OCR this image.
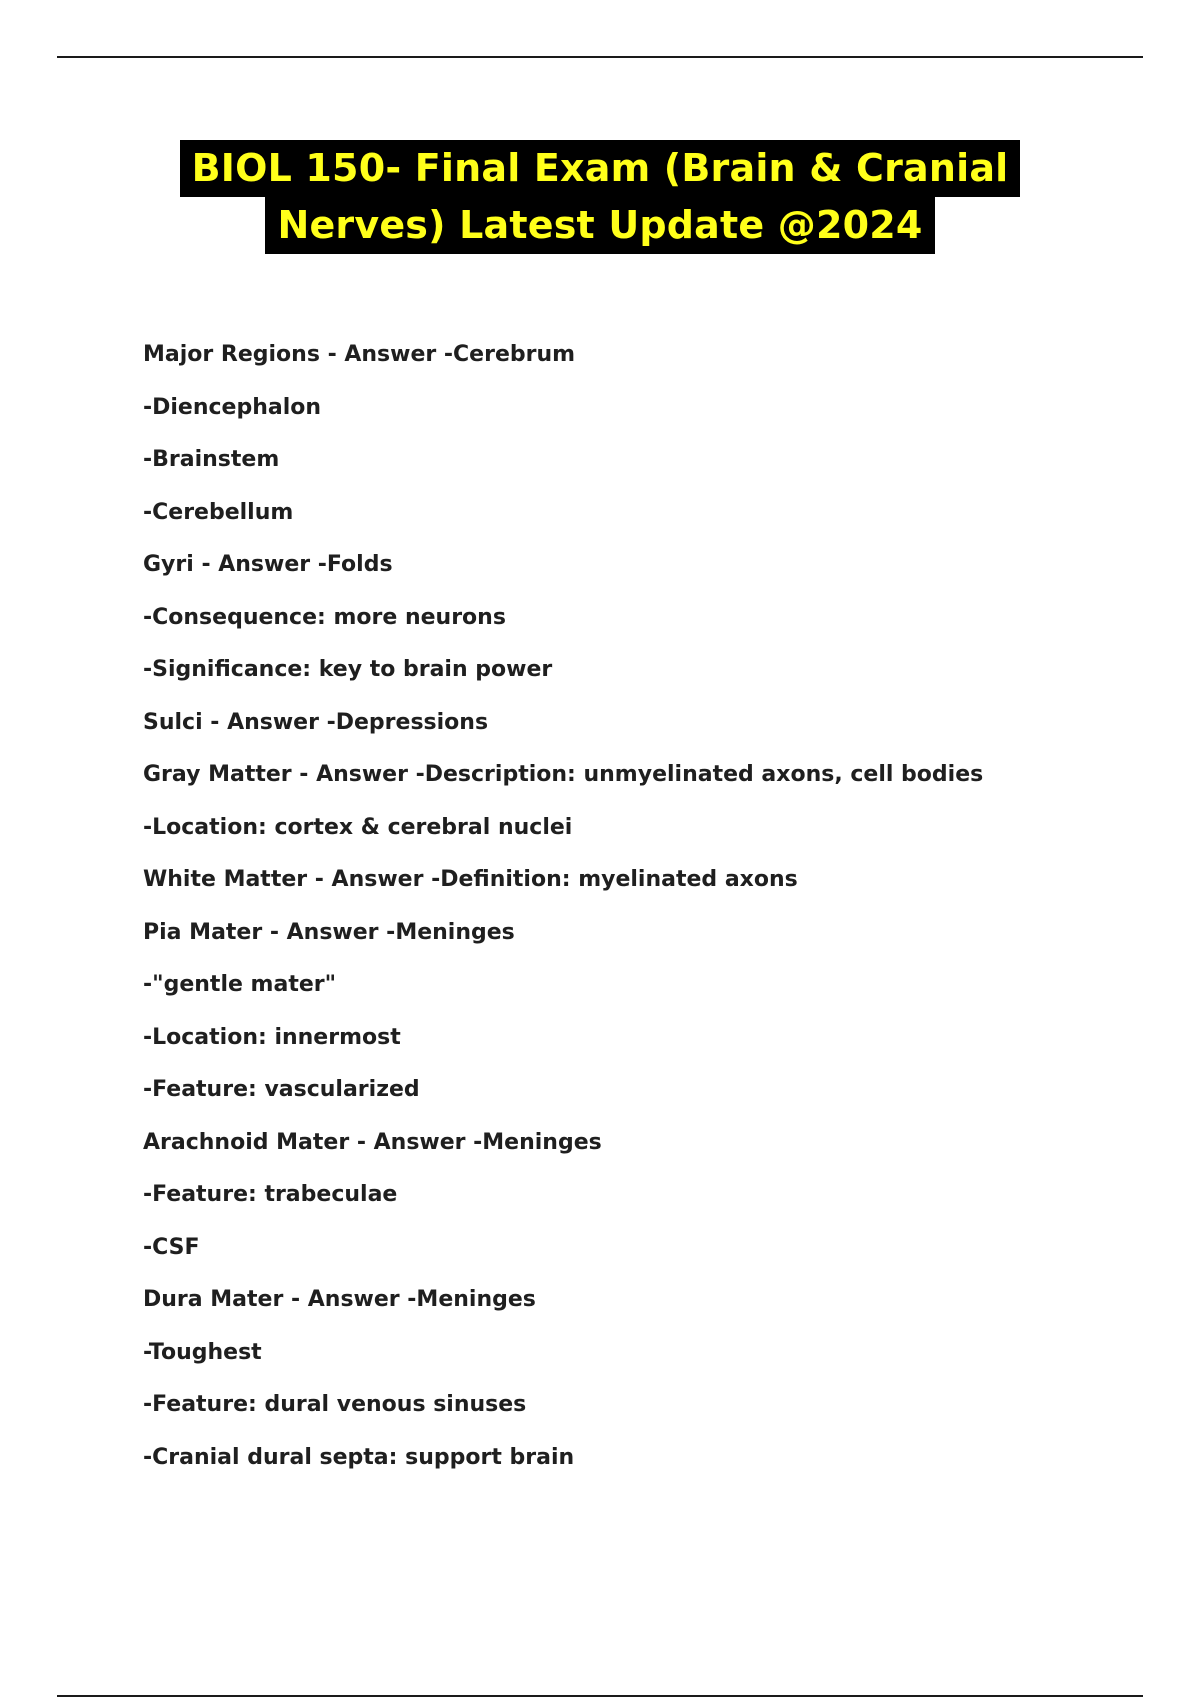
BIOL 150- Final Exam (Brain & Cranial
Nerves) Latest Update @2024
Major Regions - Answer -Cerebrum
-Diencephalon
-Brainstem
-Cerebellum
Gyri - Answer -Folds
-Consequence: more neurons
-Significance: key to brain power
Sulci - Answer -Depressions
Gray Matter - Answer -Description: unmyelinated axons, cell bodies
-Location: cortex & cerebral nuclei
White Matter - Answer -Definition: myelinated axons
Pia Mater - Answer -Meninges
-"gentle mater"
-Location: innermost
-Feature: vascularized
Arachnoid Mater - Answer -Meninges
-Feature: trabeculae
-CSF
Dura Mater - Answer -Meninges
-Toughest
-Feature: dural venous sinuses
-Cranial dural septa: support brain
